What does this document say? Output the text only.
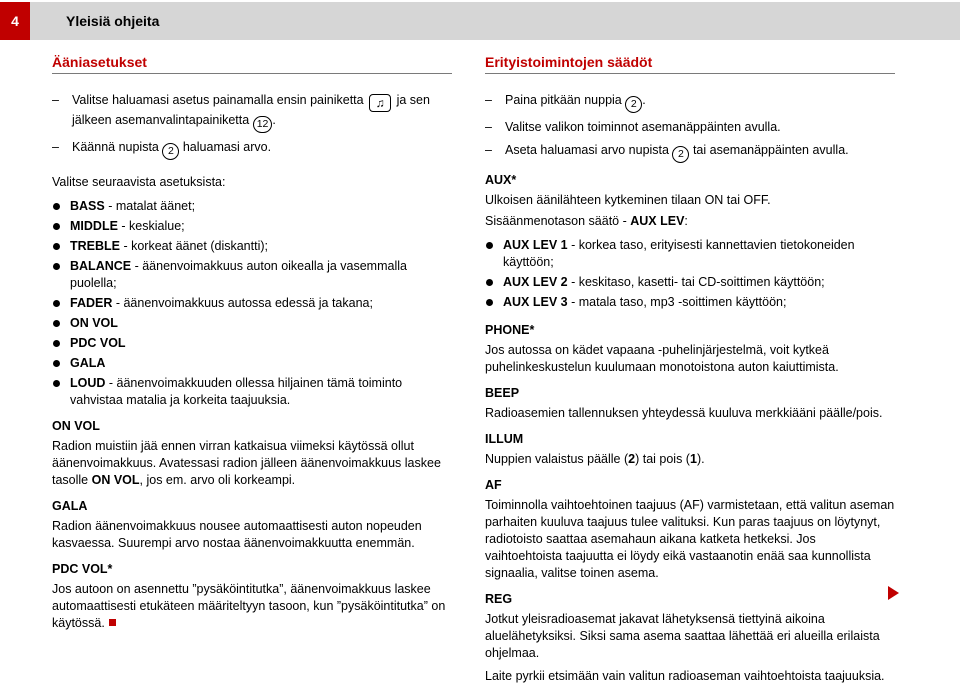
4	Yleisiä ohjeita
Ääniasetukset
–	Valitse haluamasi asetus painamalla ensin painiketta ♫ ja sen jälkeen asemanvalintapainiketta 12 .
–	Käännä nupista 2 haluamasi arvo.
Valitse seuraavista asetuksista:
BASS - matalat äänet;
MIDDLE - keskialue;
TREBLE - korkeat äänet (diskantti);
BALANCE - äänenvoimakkuus auton oikealla ja vasemmalla puolella;
FADER - äänenvoimakkuus autossa edessä ja takana;
ON VOL
PDC VOL
GALA
LOUD - äänenvoimakkuuden ollessa hiljainen tämä toiminto vahvistaa matalia ja korkeita taajuuksia.
ON VOL
Radion muistiin jää ennen virran katkaisua viimeksi käytössä ollut äänenvoimakkuus. Avatessasi radion jälleen äänenvoimakkuus laskee tasolle ON VOL, jos em. arvo oli korkeampi.
GALA
Radion äänenvoimakkuus nousee automaattisesti auton nopeuden kasvaessa. Suurempi arvo nostaa äänenvoimakkuutta enemmän.
PDC VOL*
Jos autoon on asennettu ”pysäköintitutka”, äänenvoimakkuus laskee automaattisesti etukäteen määriteltyyn tasoon, kun ”pysäköintitutka” on käytössä.
Erityistoimintojen säädöt
–	Paina pitkään nuppia 2 .
–	Valitse valikon toiminnot asemanäppäinten avulla.
–	Aseta haluamasi arvo nupista 2 tai asemanäppäinten avulla.
AUX*
Ulkoisen äänilähteen kytkeminen tilaan ON tai OFF.
Sisäänmenotason säätö - AUX LEV:
AUX LEV 1 - korkea taso, erityisesti kannettavien tietokoneiden käyttöön;
AUX LEV 2 - keskitaso, kasetti- tai CD-soittimen käyttöön;
AUX LEV 3 - matala taso, mp3 -soittimen käyttöön;
PHONE*
Jos autossa on kädet vapaana -puhelinjärjestelmä, voit kytkeä puhelinkeskustelun kuulumaan monotoistona auton kaiuttimista.
BEEP
Radioasemien tallennuksen yhteydessä kuuluva merkkiääni päälle/pois.
ILLUM
Nuppien valaistus päälle (2) tai pois (1).
AF
Toiminnolla vaihtoehtoinen taajuus (AF) varmistetaan, että valitun aseman parhaiten kuuluva taajuus tulee valituksi. Kun paras taajuus on löytynyt, radiotoisto saattaa asemahaun aikana katketa hetkeksi. Jos vaihtoehtoista taajuutta ei löydy eikä vastaanotin enää saa kunnollista signaalia, valitse toinen asema.
REG
Jotkut yleisradioasemat jakavat lähetyksensä tiettyinä aikoina aluelähetyksiksi. Siksi sama asema saattaa lähettää eri alueilla erilaista ohjelmaa.
Laite pyrkii etsimään vain valitun radioaseman vaihtoehtoista taajuuksia.
